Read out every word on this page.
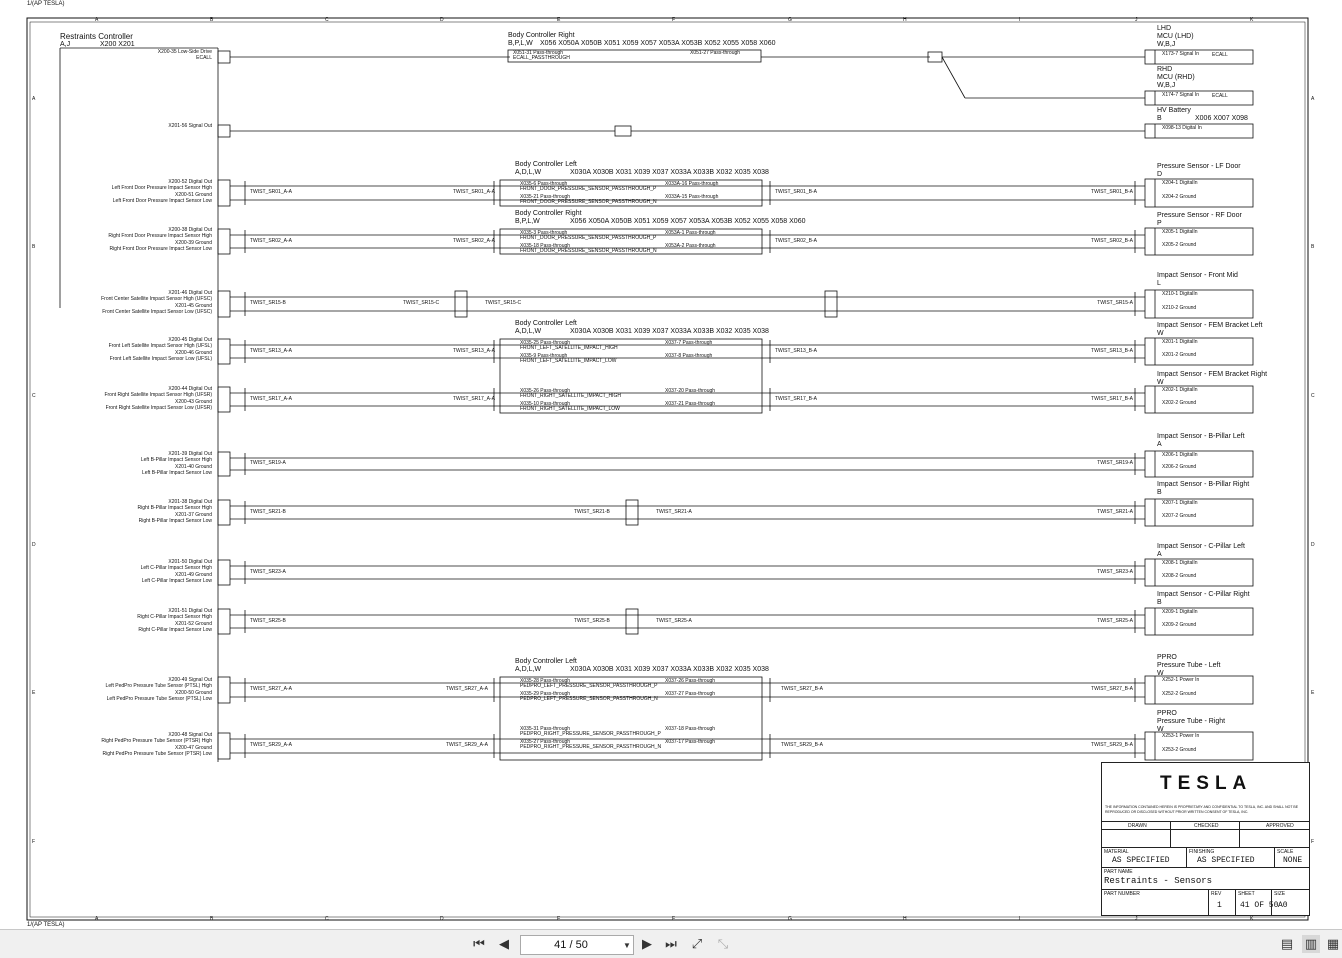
A
A
B
B
C
C
D
D
E
E
F
F
G
G
H
H
I
I
J
J
K
K
A	A
B	B
C	C
D	D
E	E
F	F
1/(AP TESLA)
1/(AP TESLA)
Restraints Controller
A,J	X200 X201
X200-35 Low-Side Drive
ECALL
X201-56 Signal Out
X200-52 Digital Out
Left Front Door Pressure Impact Sensor High
X200-51 Ground
Left Front Door Pressure Impact Sensor Low
X200-38 Digital Out
Right Front Door Pressure Impact Sensor High
X200-39 Ground
Right Front Door Pressure Impact Sensor Low
X201-46 Digital Out
Front Center Satellite Impact Sensor High (UFSC)
X201-45 Ground
Front Center Satellite Impact Sensor Low (UFSC)
X200-45 Digital Out
Front Left Satellite Impact Sensor High (UFSL)
X200-46 Ground
Front Left Satellite Impact Sensor Low (UFSL)
X200-44 Digital Out
Front Right Satellite Impact Sensor High (UFSR)
X200-43 Ground
Front Right Satellite Impact Sensor Low (UFSR)
X201-39 Digital Out
Left B-Pillar Impact Sensor High
X201-40 Ground
Left B-Pillar Impact Sensor Low
X201-38 Digital Out
Right B-Pillar Impact Sensor High
X201-37 Ground
Right B-Pillar Impact Sensor Low
X201-50 Digital Out
Left C-Pillar Impact Sensor High
X201-49 Ground
Left C-Pillar Impact Sensor Low
X201-51 Digital Out
Right C-Pillar Impact Sensor High
X201-52 Ground
Right C-Pillar Impact Sensor Low
X200-49 Signal Out
Left PedPro Pressure Tube Sensor (PTSL) High
X200-50 Ground
Left PedPro Pressure Tube Sensor (PTSL) Low
X200-48 Signal Out
Right PedPro Pressure Tube Sensor (PTSR) High
X200-47 Ground
Right PedPro Pressure Tube Sensor (PTSR) Low
Body Controller Right
B,P,L,W X056 X050A X050B X051 X059 X057 X053A X053B X052 X055 X058 X060
X051-31 Pass-through	X051-27 Pass-through
ECALL_PASSTHROUGH
TWIST_SR01_A-A	TWIST_SR01_B-A
TWIST_SR02_A-A	TWIST_SR02_B-A
TWIST_SR15-B	TWIST_SR15-A
TWIST_SR13_A-A	TWIST_SR13_B-A
TWIST_SR17_A-A	TWIST_SR17_B-A
TWIST_SR19-A	TWIST_SR19-A
TWIST_SR21-B	TWIST_SR21-A
TWIST_SR23-A	TWIST_SR23-A
TWIST_SR25-B	TWIST_SR25-A
TWIST_SR27_A-A	TWIST_SR27_B-A
TWIST_SR29_A-A	TWIST_SR29_B-A
TWIST_SR01_A-A	TWIST_SR01_B-A
TWIST_SR02_A-A	TWIST_SR02_B-A
TWIST_SR13_A-A	TWIST_SR13_B-A
TWIST_SR17_A-A	TWIST_SR17_B-A
TWIST_SR27_A-A	TWIST_SR27_B-A
TWIST_SR29_A-A	TWIST_SR29_B-A
TWIST_SR15-C	TWIST_SR15-C
TWIST_SR21-B	TWIST_SR21-A
TWIST_SR25-B	TWIST_SR25-A
Body Controller Left
A,D,L,W	X030A X030B X031 X039 X037 X033A X033B X032 X035 X038
X035-6 Pass-through	X033A-16 Pass-through
FRONT_DOOR_PRESSURE_SENSOR_PASSTHROUGH_P
X035-21 Pass-through	X033A-15 Pass-through
FRONT_DOOR_PRESSURE_SENSOR_PASSTHROUGH_N
Body Controller Right
B,P,L,W	X056 X050A X050B X051 X059 X057 X053A X053B X052 X055 X058 X060
X035-3 Pass-through	X053A-1 Pass-through
FRONT_DOOR_PRESSURE_SENSOR_PASSTHROUGH_P
X035-18 Pass-through	X053A-2 Pass-through
FRONT_DOOR_PRESSURE_SENSOR_PASSTHROUGH_N
Body Controller Left
A,D,L,W	X030A X030B X031 X039 X037 X033A X033B X032 X035 X038
X035-25 Pass-through	X037-7 Pass-through
FRONT_LEFT_SATELLITE_IMPACT_HIGH
X035-9 Pass-through	X037-8 Pass-through
FRONT_LEFT_SATELLITE_IMPACT_LOW
X035-26 Pass-through	X037-20 Pass-through
FRONT_RIGHT_SATELLITE_IMPACT_HIGH
X035-10 Pass-through	X037-21 Pass-through
FRONT_RIGHT_SATELLITE_IMPACT_LOW
Body Controller Left
A,D,L,W	X030A X030B X031 X039 X037 X033A X033B X032 X035 X038
X035-28 Pass-through	X037-26 Pass-through
PEDPRO_LEFT_PRESSURE_SENSOR_PASSTHROUGH_P
X035-29 Pass-through	X037-27 Pass-through
PEDPRO_LEFT_PRESSURE_SENSOR_PASSTHROUGH_N
X035-31 Pass-through	X037-18 Pass-through
PEDPRO_RIGHT_PRESSURE_SENSOR_PASSTHROUGH_P
X035-27 Pass-through	X037-17 Pass-through
PEDPRO_RIGHT_PRESSURE_SENSOR_PASSTHROUGH_N
LHD
MCU (LHD)
W,B,J
X173-7 Signal In	ECALL
RHD
MCU (RHD)
W,B,J
X174-7 Signal In	ECALL
HV Battery
B	X006 X007 X098
X098-13 Digital In
Pressure Sensor - LF Door
D
X204-1 DigitalIn
X204-2 Ground
Pressure Sensor - RF Door
P
X205-1 DigitalIn
X205-2 Ground
Impact Sensor - Front Mid
L
X210-1 DigitalIn
X210-2 Ground
Impact Sensor - FEM Bracket Left
W
X201-1 DigitalIn
X201-2 Ground
Impact Sensor - FEM Bracket Right
W
X202-1 DigitalIn
X202-2 Ground
Impact Sensor - B-Pillar Left
A
X206-1 DigitalIn
X206-2 Ground
Impact Sensor - B-Pillar Right
B
X207-1 DigitalIn
X207-2 Ground
Impact Sensor - C-Pillar Left
A
X208-1 DigitalIn
X208-2 Ground
Impact Sensor - C-Pillar Right
B
X209-1 DigitalIn
X209-2 Ground
PPRO
Pressure Tube - Left
W
X252-1 Power In
X252-2 Ground
PPRO
Pressure Tube - Right
W
X253-1 Power In
X253-2 Ground
TESLA
THE INFORMATION CONTAINED HEREIN IS PROPRIETARY AND CONFIDENTIAL TO TESLA, INC. AND SHALL NOT BE REPRODUCED OR DISCLOSED WITHOUT PRIOR WRITTEN CONSENT OF TESLA, INC.
DRAWN	CHECKED	APPROVED
MATERIAL
AS SPECIFIED
FINISHING
AS SPECIFIED
SCALE
NONE
PART NAME
Restraints - Sensors
PART NUMBER	REV
1
SHEET
41 OF 50
SIZE
A0
⏮	◀	41 / 50	▼ ▶	⏭ ⤢ ⤡	▤ ▥ ▦
